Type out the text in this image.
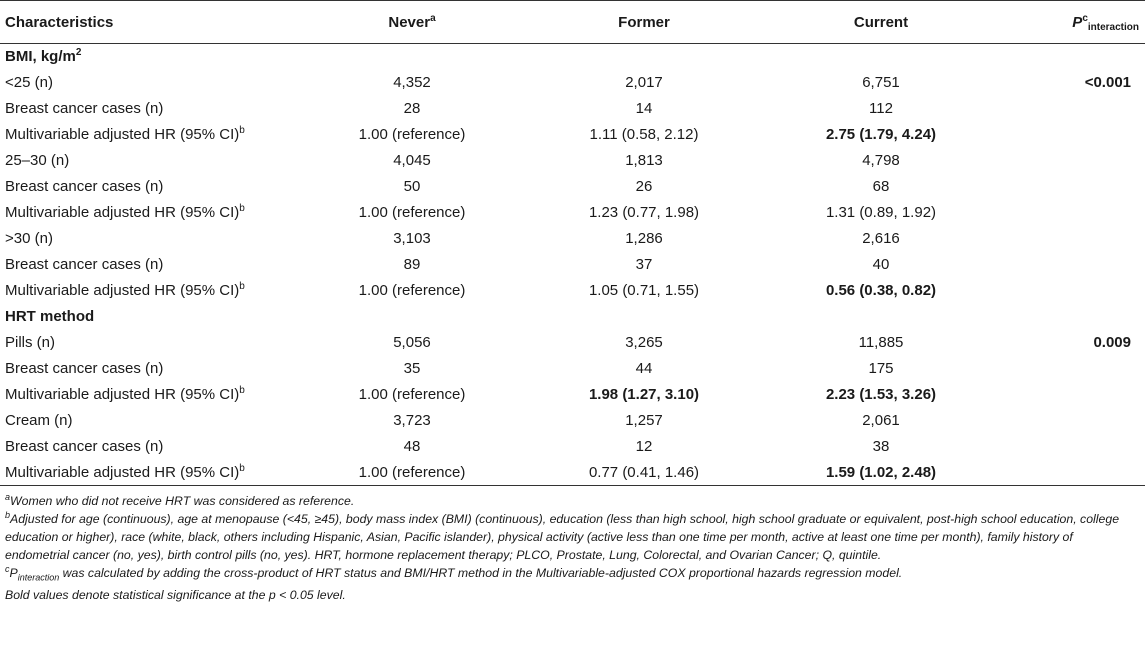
Characteristics	Never$^a$	Former	Current	$P^c_{interaction}$
BMI, $kg/m^2$				
<25 (n)	4,352	2,017	6,751	<0.001
Breast cancer cases (n)	28	14	112	
Multivariable adjusted HR (95% CI)$^b$	1.00 (reference)	1.11 (0.58, 2.12)	2.75 (1.79, 4.24)	
25–30 (n)	4,045	1,813	4,798	
Breast cancer cases (n)	50	26	68	
Multivariable adjusted HR (95% CI)$^b$	1.00 (reference)	1.23 (0.77, 1.98)	1.31 (0.89, 1.92)	
>30 (n)	3,103	1,286	2,616	
Breast cancer cases (n)	89	37	40	
Multivariable adjusted HR (95% CI)$^b$	1.00 (reference)	1.05 (0.71, 1.55)	0.56 (0.38, 0.82)	
HRT method				
Pills (n)	5,056	3,265	11,885	0.009
Breast cancer cases (n)	35	44	175	
Multivariable adjusted HR (95% CI)$^b$	1.00 (reference)	1.98 (1.27, 3.10)	2.23 (1.53, 3.26)	
Cream (n)	3,723	1,257	2,061	
Breast cancer cases (n)	48	12	38	
Multivariable adjusted HR (95% CI)$^b$	1.00 (reference)	0.77 (0.41, 1.46)	1.59 (1.02, 2.48)	

$^a$Women who did not receive HRT was considered as reference.

$^b$Adjusted for age (continuous), age at menopause (<45, ≥45), body mass index (BMI) (continuous), education (less than high school, high school graduate or equivalent, post-high school education, college education or higher), race (white, black, others including Hispanic, Asian, Pacific islander), physical activity (active less than one time per month, active at least one time per month), family history of endometrial cancer (no, yes), birth control pills (no, yes). HRT, hormone replacement therapy; PLCO, Prostate, Lung, Colorectal, and Ovarian Cancer; Q, quintile.

$^cP_{interaction}$ was calculated by adding the cross-product of HRT status and BMI/HRT method in the Multivariable-adjusted COX proportional hazards regression model.

Bold values denote statistical significance at the p < 0.05 level.
